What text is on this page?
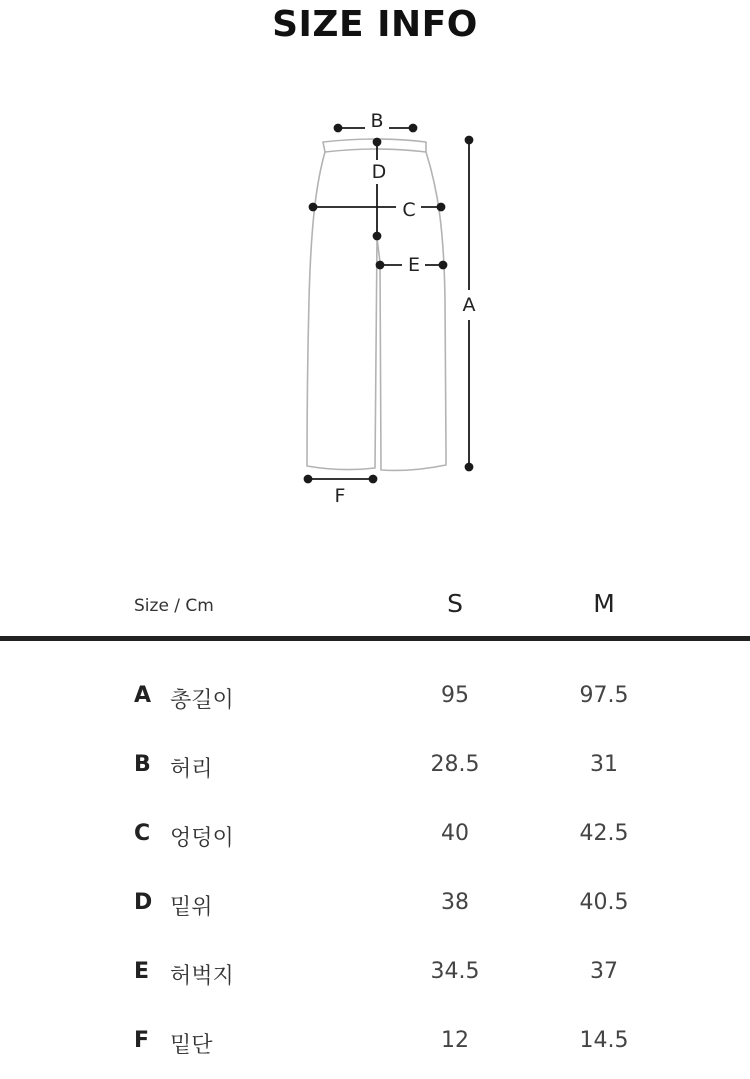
SIZE INFO
B
D
C
E
A
F
Size / Cm	S	M
A 총길이	95	97.5
B 허리	28.5	31
C 엉덩이	40	42.5
D 밑위	38	40.5
E 허벅지	34.5	37
F 밑단	12	14.5
